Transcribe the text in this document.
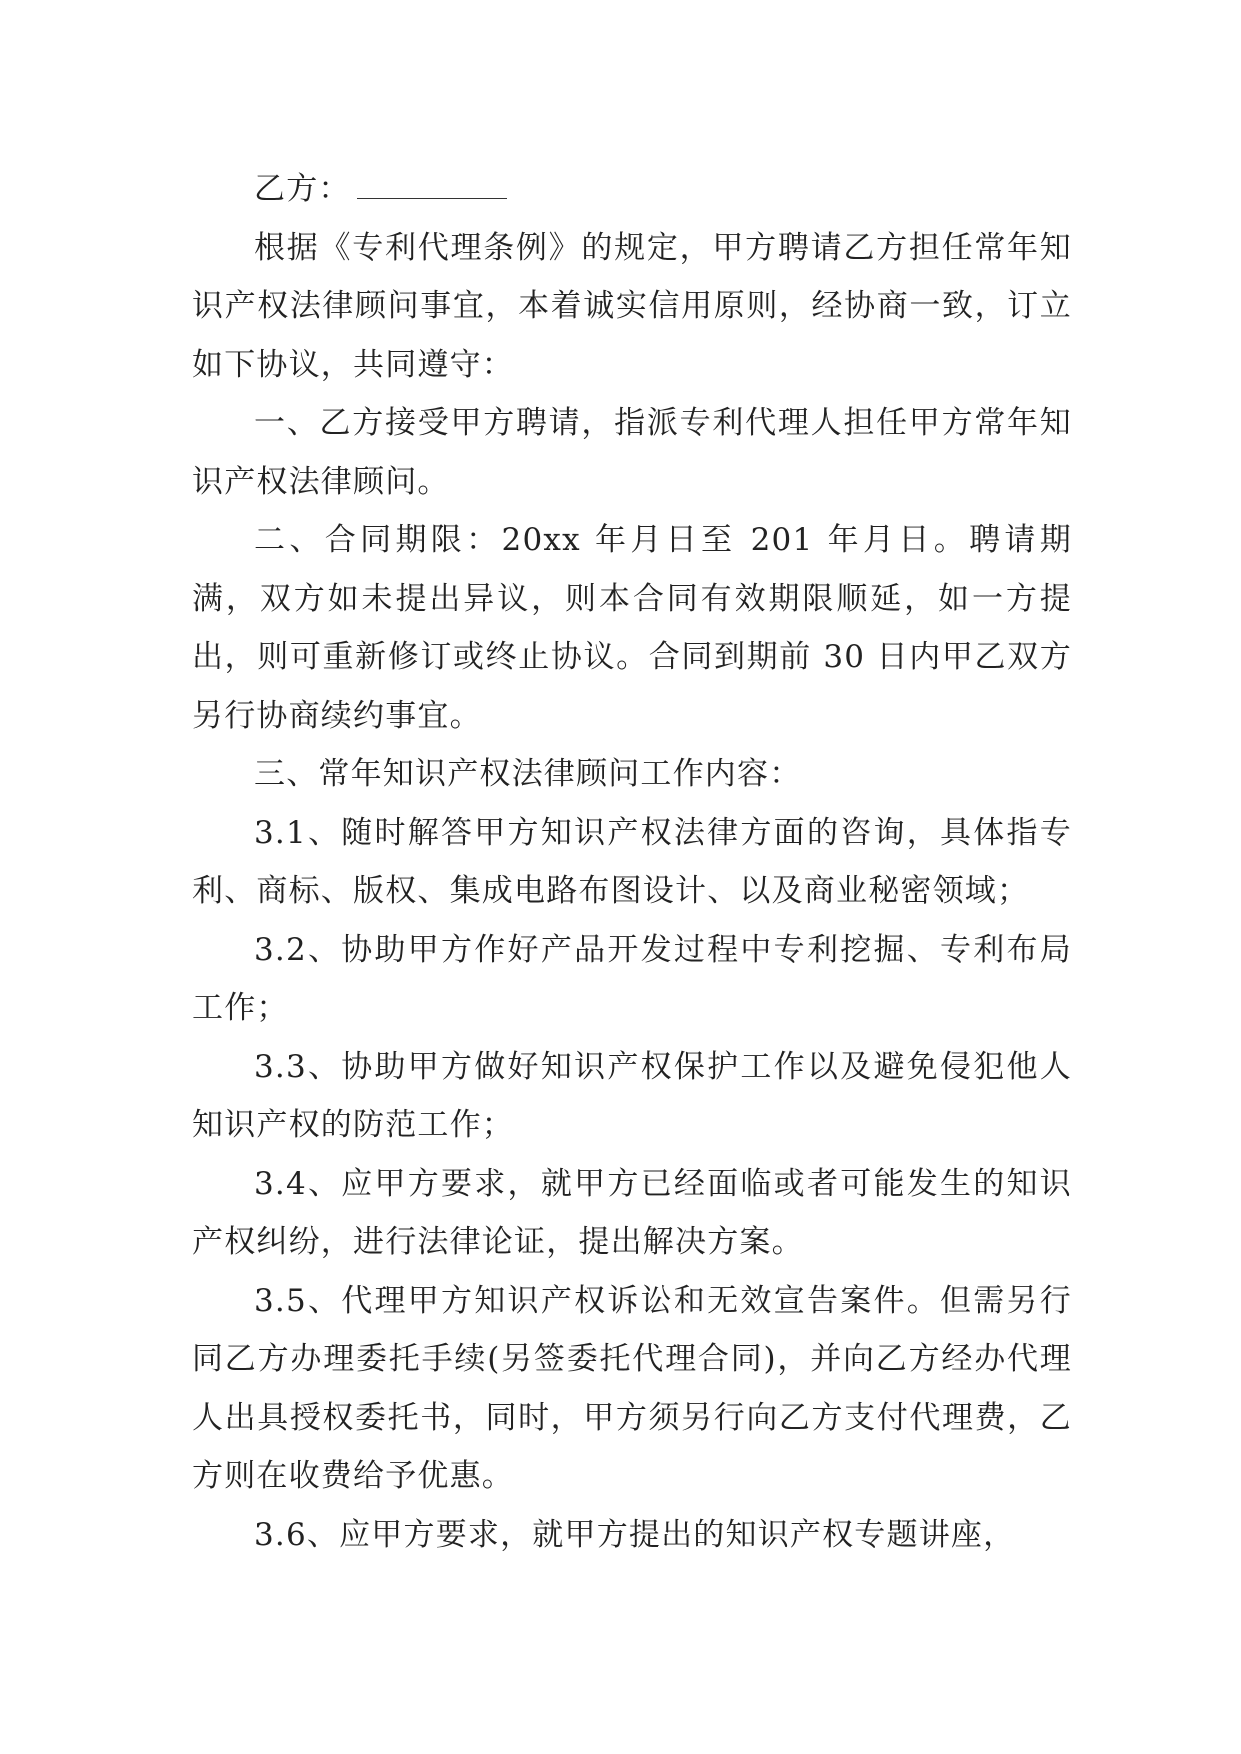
乙方：

根据《专利代理条例》的规定，甲方聘请乙方担任常年知识产权法律顾问事宜，本着诚实信用原则，经协商一致，订立如下协议，共同遵守：

一、乙方接受甲方聘请，指派专利代理人担任甲方常年知识产权法律顾问。

二、合同期限：20xx 年月日至 201 年月日。聘请期满，双方如未提出异议，则本合同有效期限顺延，如一方提出，则可重新修订或终止协议。合同到期前 30 日内甲乙双方另行协商续约事宜。

三、常年知识产权法律顾问工作内容：

3.1、随时解答甲方知识产权法律方面的咨询，具体指专利、商标、版权、集成电路布图设计、以及商业秘密领域；

3.2、协助甲方作好产品开发过程中专利挖掘、专利布局工作；

3.3、协助甲方做好知识产权保护工作以及避免侵犯他人知识产权的防范工作；

3.4、应甲方要求，就甲方已经面临或者可能发生的知识产权纠纷，进行法律论证，提出解决方案。

3.5、代理甲方知识产权诉讼和无效宣告案件。但需另行同乙方办理委托手续(另签委托代理合同)，并向乙方经办代理人出具授权委托书，同时，甲方须另行向乙方支付代理费，乙方则在收费给予优惠。

3.6、应甲方要求，就甲方提出的知识产权专题讲座，
